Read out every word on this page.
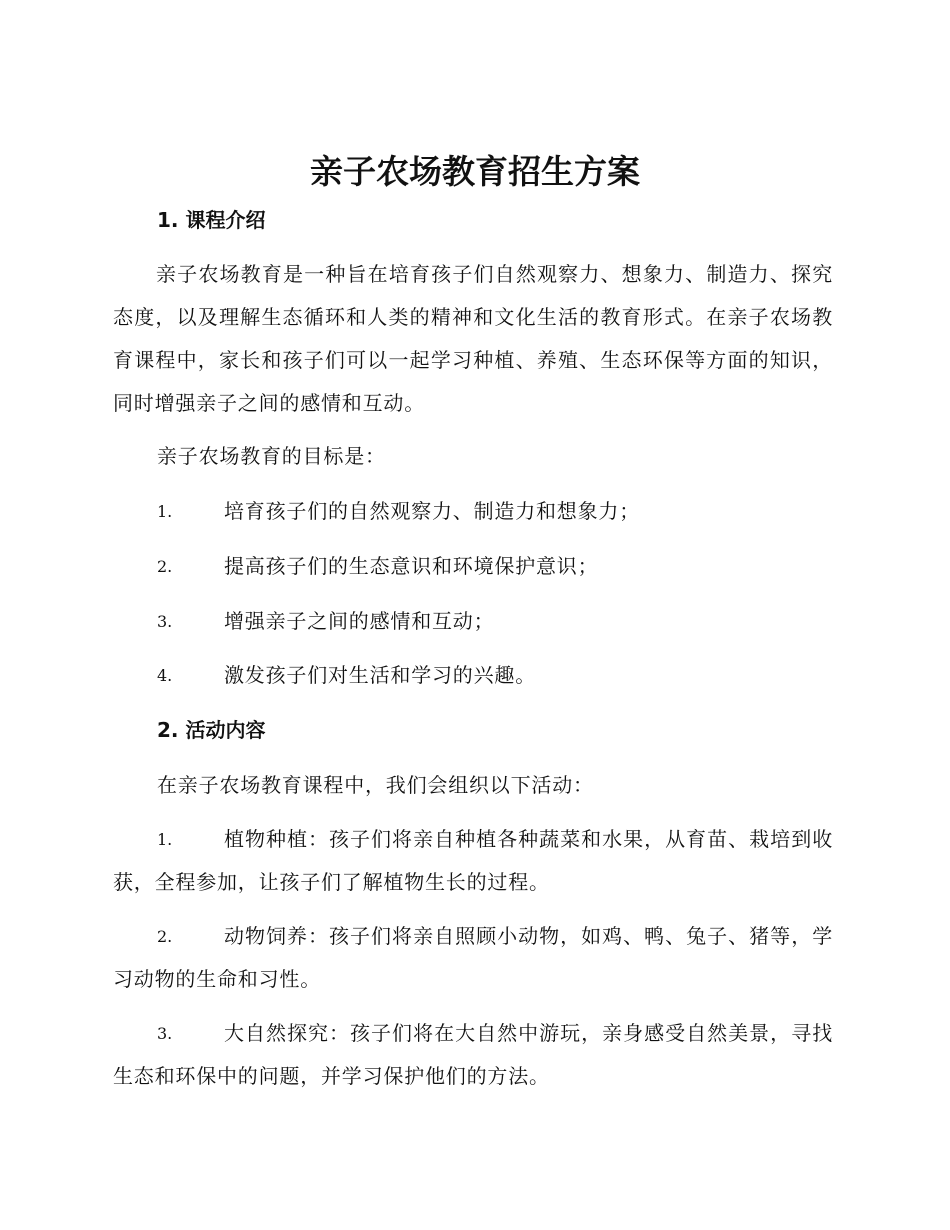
亲子农场教育招生方案
1. 课程介绍
亲子农场教育是一种旨在培育孩子们自然观察力、想象力、制造力、探究态度，以及理解生态循环和人类的精神和文化生活的教育形式。在亲子农场教育课程中，家长和孩子们可以一起学习种植、养殖、生态环保等方面的知识，同时增强亲子之间的感情和互动。
亲子农场教育的目标是：
1.	培育孩子们的自然观察力、制造力和想象力；
2.	提高孩子们的生态意识和环境保护意识；
3.	增强亲子之间的感情和互动；
4.	激发孩子们对生活和学习的兴趣。
2. 活动内容
在亲子农场教育课程中，我们会组织以下活动：
1.	植物种植：孩子们将亲自种植各种蔬菜和水果，从育苗、栽培到收获，全程参加，让孩子们了解植物生长的过程。
2.	动物饲养：孩子们将亲自照顾小动物，如鸡、鸭、兔子、猪等，学习动物的生命和习性。
3.	大自然探究：孩子们将在大自然中游玩，亲身感受自然美景，寻找生态和环保中的问题，并学习保护他们的方法。
